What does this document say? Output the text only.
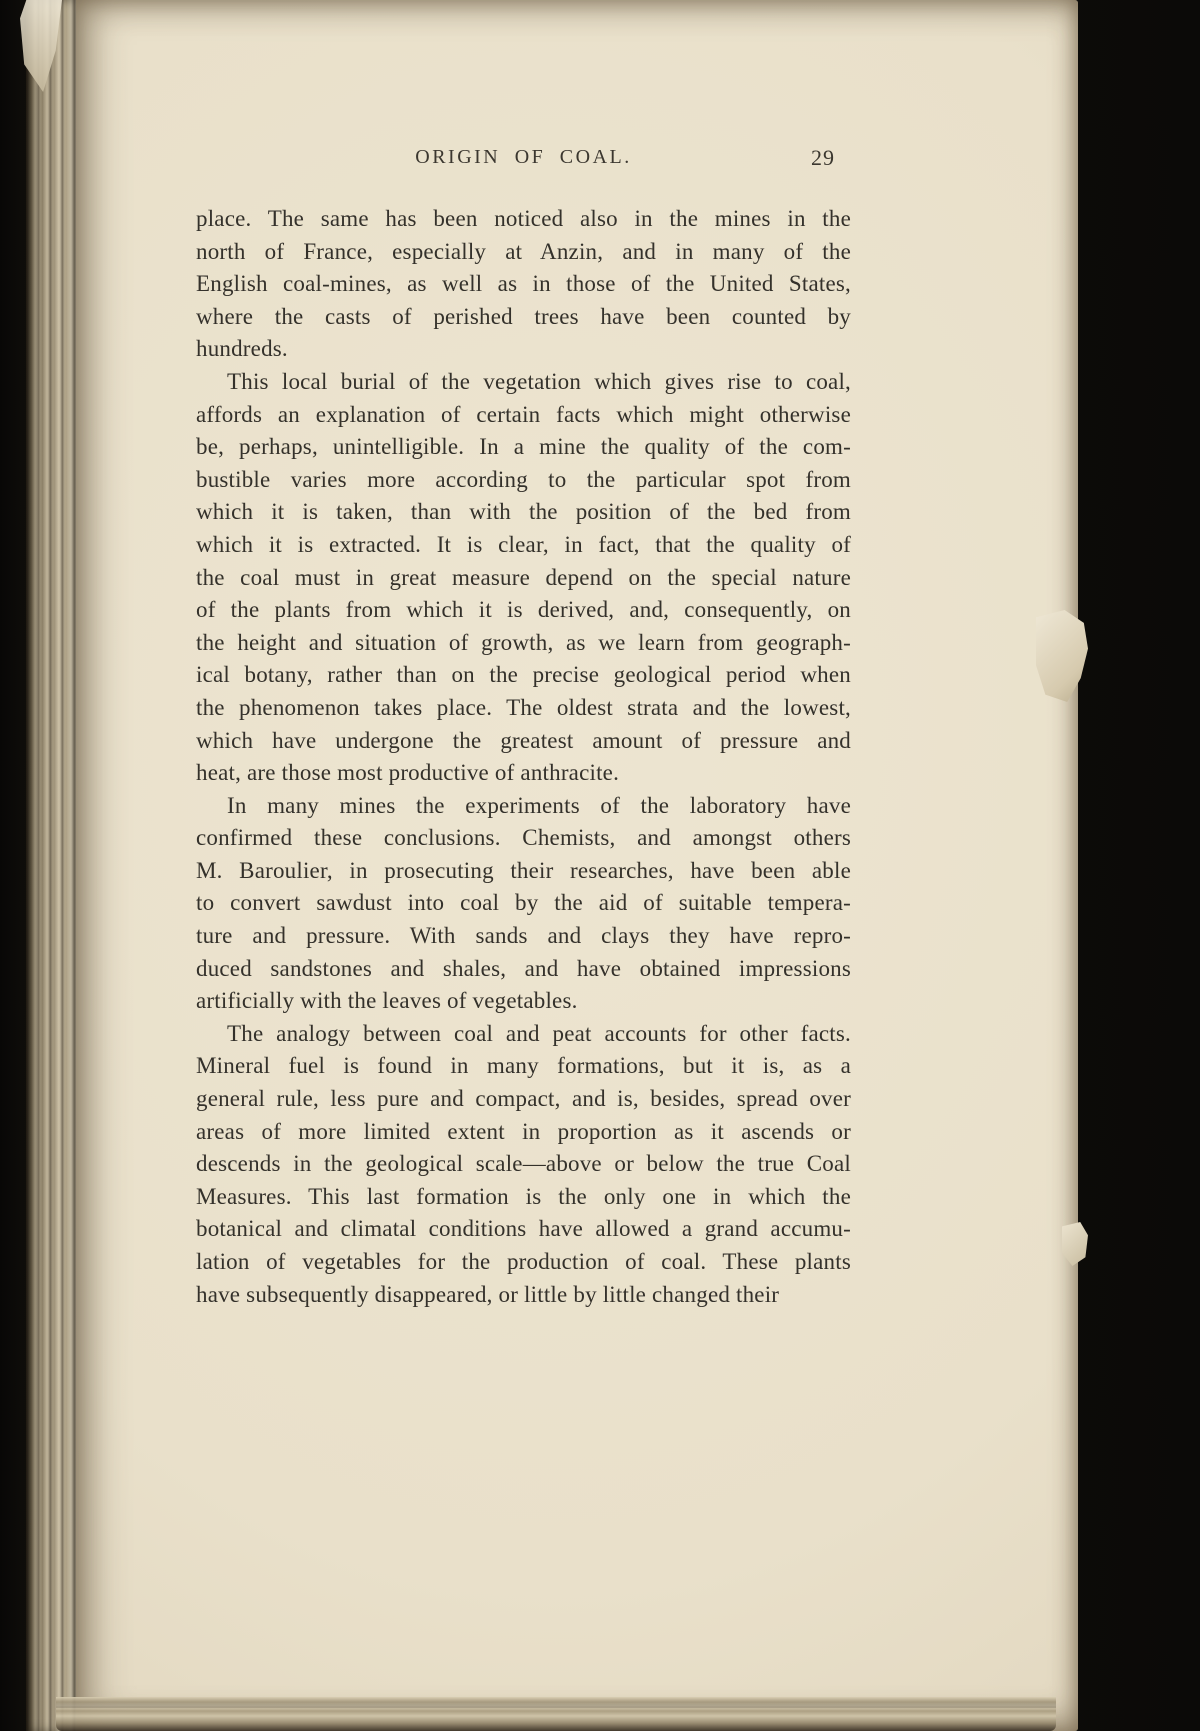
ORIGIN OF COAL.	29
place. The same has been noticed also in the mines in the
north of France, especially at Anzin, and in many of the
English coal-mines, as well as in those of the United States,
where the casts of perished trees have been counted by
hundreds.
This local burial of the vegetation which gives rise to coal,
affords an explanation of certain facts which might otherwise
be, perhaps, unintelligible. In a mine the quality of the com-
bustible varies more according to the particular spot from
which it is taken, than with the position of the bed from
which it is extracted. It is clear, in fact, that the quality of
the coal must in great measure depend on the special nature
of the plants from which it is derived, and, consequently, on
the height and situation of growth, as we learn from geograph-
ical botany, rather than on the precise geological period when
the phenomenon takes place. The oldest strata and the lowest,
which have undergone the greatest amount of pressure and
heat, are those most productive of anthracite.
In many mines the experiments of the laboratory have
confirmed these conclusions. Chemists, and amongst others
M. Baroulier, in prosecuting their researches, have been able
to convert sawdust into coal by the aid of suitable tempera-
ture and pressure. With sands and clays they have repro-
duced sandstones and shales, and have obtained impressions
artificially with the leaves of vegetables.
The analogy between coal and peat accounts for other facts.
Mineral fuel is found in many formations, but it is, as a
general rule, less pure and compact, and is, besides, spread over
areas of more limited extent in proportion as it ascends or
descends in the geological scale—above or below the true Coal
Measures. This last formation is the only one in which the
botanical and climatal conditions have allowed a grand accumu-
lation of vegetables for the production of coal. These plants
have subsequently disappeared, or little by little changed their
